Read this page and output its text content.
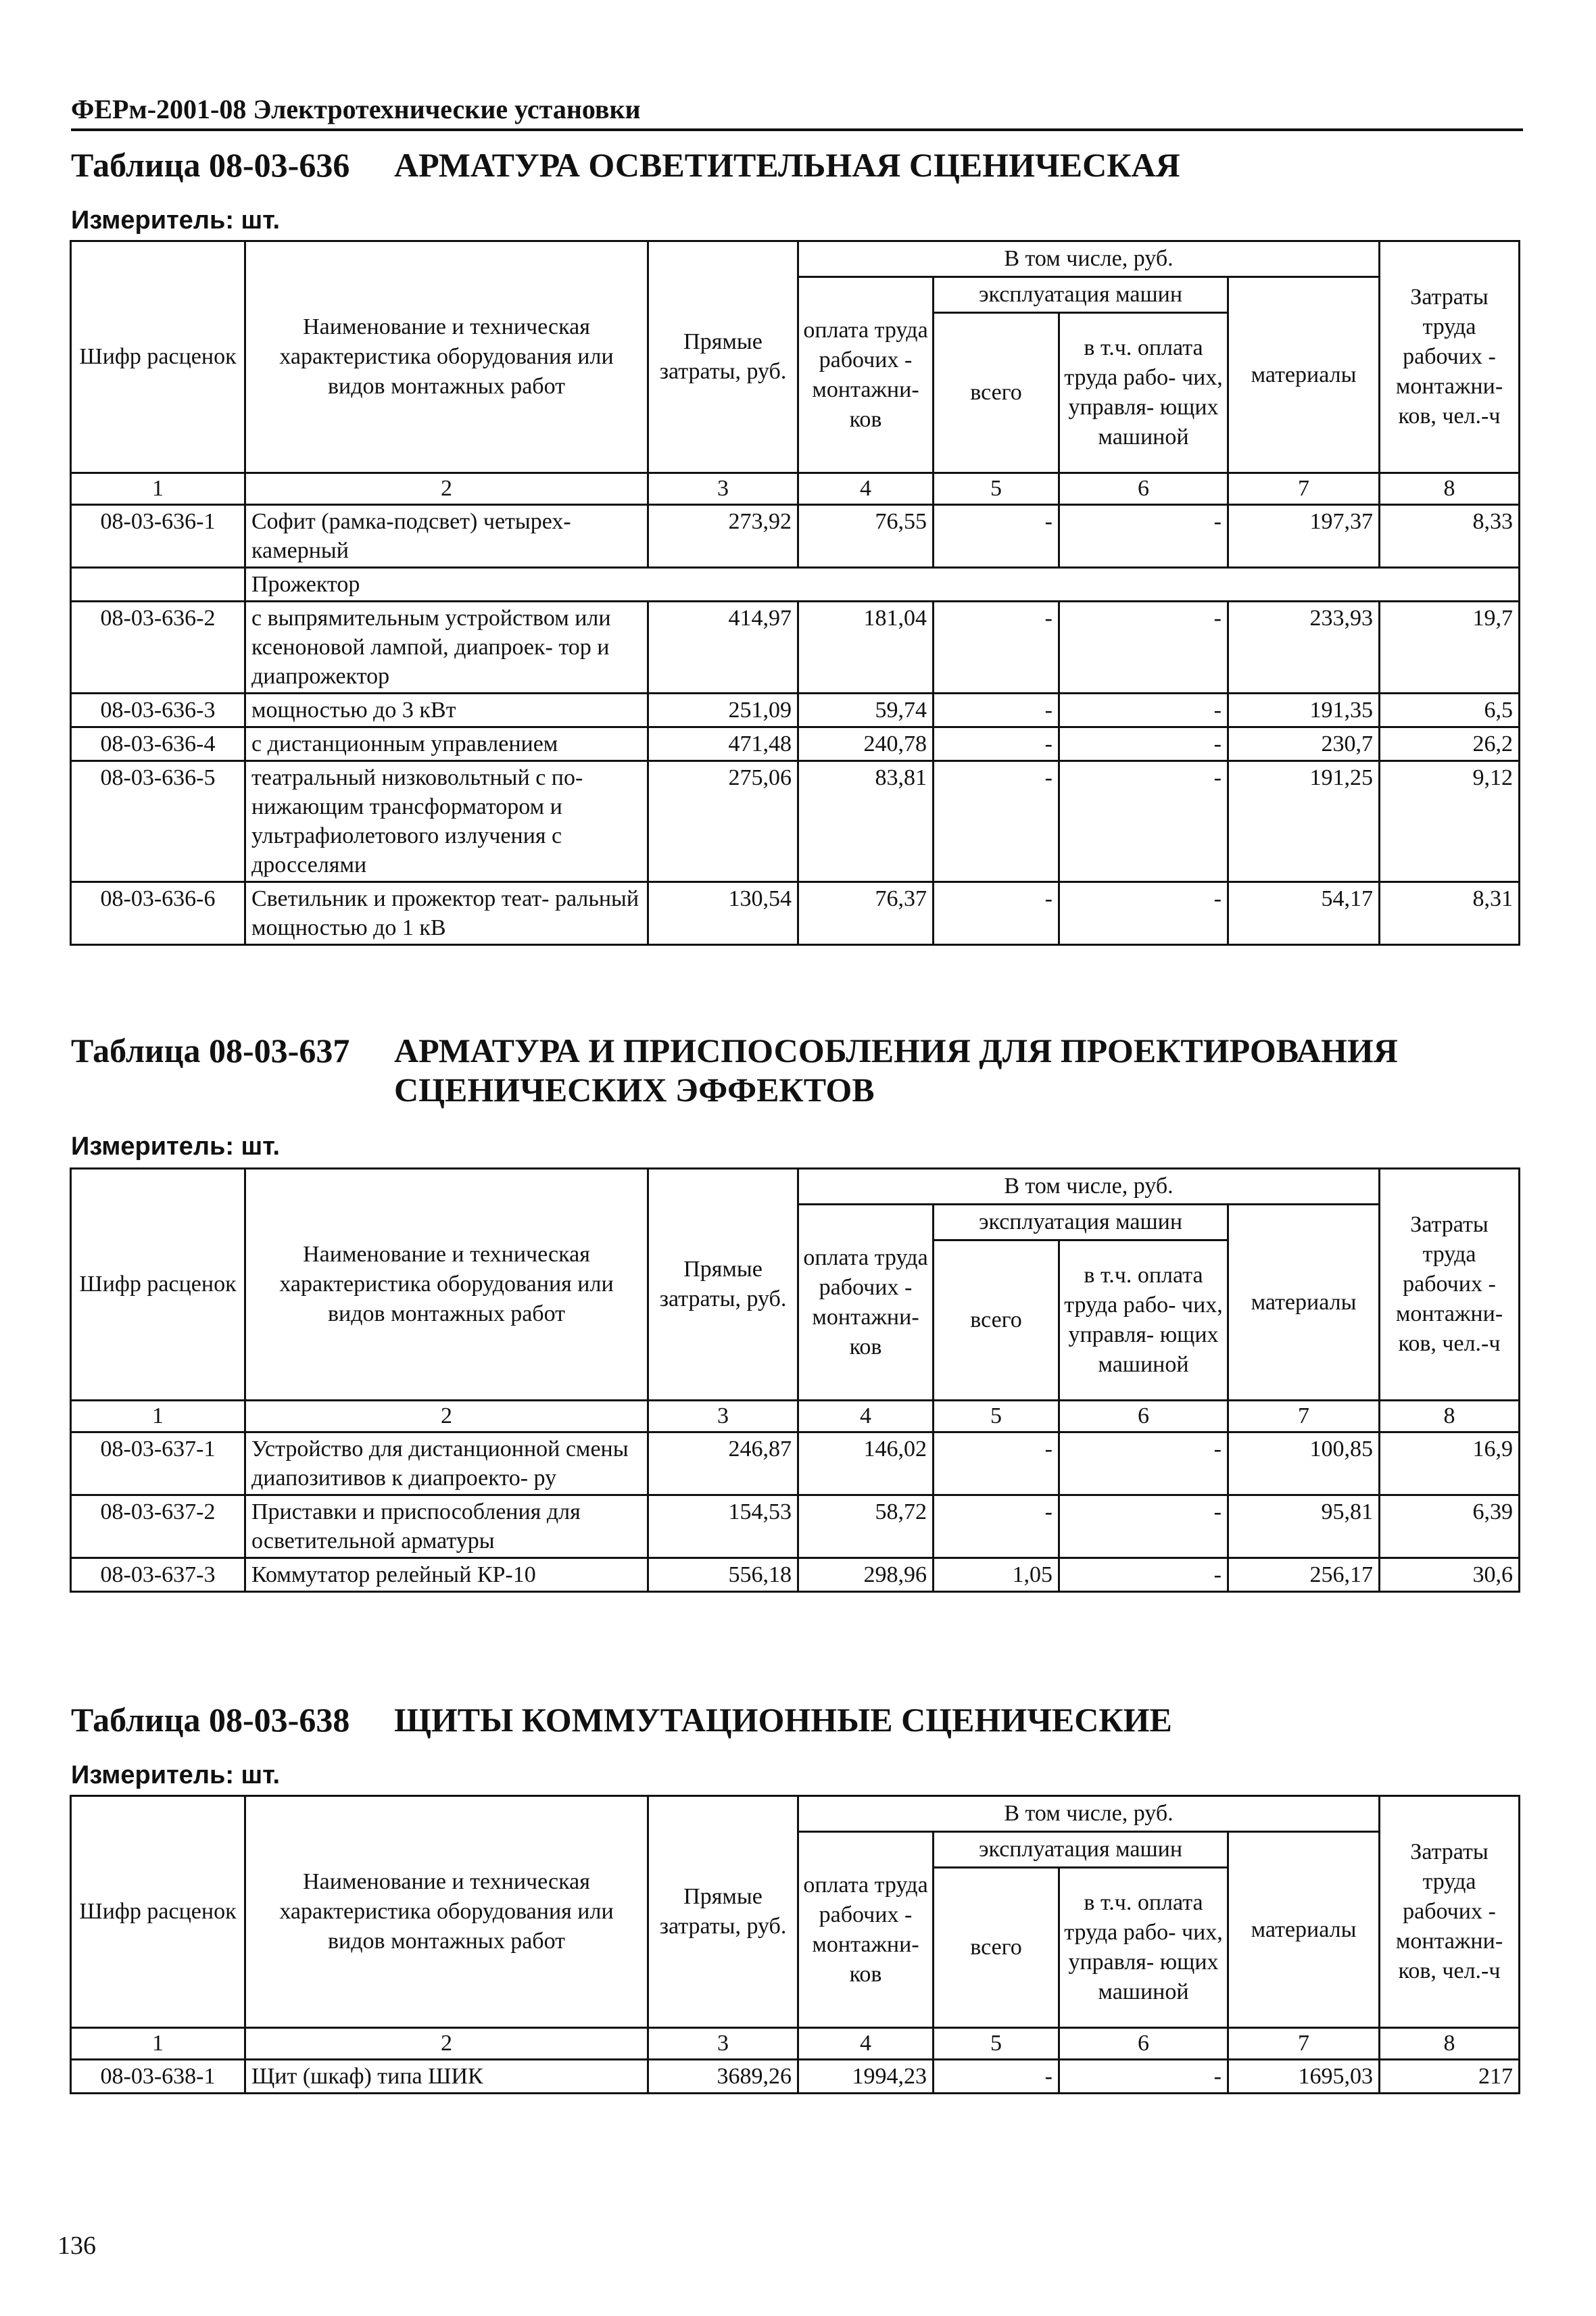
ФЕРм-2001-08 Электротехнические установки
Таблица 08-03-636 АРМАТУРА ОСВЕТИТЕЛЬНАЯ СЦЕНИЧЕСКАЯ
Измеритель: шт.
Шифр расценок	Наименование и техническая характеристика оборудования или видов монтажных работ	Прямые затраты, руб.	В том числе, руб.				Затраты труда рабочих - монтажни- ков, чел.-ч
			оплата труда рабочих - монтажни- ков	эксплуатация машин		материалы	
				всего	в т.ч. оплата труда рабо- чих, управля- ющих машиной		
1	2	3	4	5	6	7	8
08-03-636-1	Софит (рамка-подсвет) четырех- камерный	273,92	76,55	-	-	197,37	8,33
	Прожектор						
08-03-636-2	с выпрямительным устройством или ксеноновой лампой, диапроек- тор и диапрожектор	414,97	181,04	-	-	233,93	19,7
08-03-636-3	мощностью до 3 кВт	251,09	59,74	-	-	191,35	6,5
08-03-636-4	с дистанционным управлением	471,48	240,78	-	-	230,7	26,2
08-03-636-5	театральный низковольтный с по- нижающим трансформатором и ультрафиолетового излучения с дросселями	275,06	83,81	-	-	191,25	9,12
08-03-636-6	Светильник и прожектор теат- ральный мощностью до 1 кВ	130,54	76,37	-	-	54,17	8,31
Таблица 08-03-637 АРМАТУРА И ПРИСПОСОБЛЕНИЯ ДЛЯ ПРОЕКТИРОВАНИЯ
СЦЕНИЧЕСКИХ ЭФФЕКТОВ
Измеритель: шт.
Шифр расценок	Наименование и техническая характеристика оборудования или видов монтажных работ	Прямые затраты, руб.	В том числе, руб.				Затраты труда рабочих - монтажни- ков, чел.-ч
			оплата труда рабочих - монтажни- ков	эксплуатация машин		материалы	
				всего	в т.ч. оплата труда рабо- чих, управля- ющих машиной		
1	2	3	4	5	6	7	8
08-03-637-1	Устройство для дистанционной смены диапозитивов к диапроекто- ру	246,87	146,02	-	-	100,85	16,9
08-03-637-2	Приставки и приспособления для осветительной арматуры	154,53	58,72	-	-	95,81	6,39
08-03-637-3	Коммутатор релейный КР-10	556,18	298,96	1,05	-	256,17	30,6
Таблица 08-03-638 ЩИТЫ КОММУТАЦИОННЫЕ СЦЕНИЧЕСКИЕ
Измеритель: шт.
Шифр расценок	Наименование и техническая характеристика оборудования или видов монтажных работ	Прямые затраты, руб.	В том числе, руб.				Затраты труда рабочих - монтажни- ков, чел.-ч
			оплата труда рабочих - монтажни- ков	эксплуатация машин		материалы	
				всего	в т.ч. оплата труда рабо- чих, управля- ющих машиной		
1	2	3	4	5	6	7	8
08-03-638-1	Щит (шкаф) типа ШИК	3689,26	1994,23	-	-	1695,03	217
136
